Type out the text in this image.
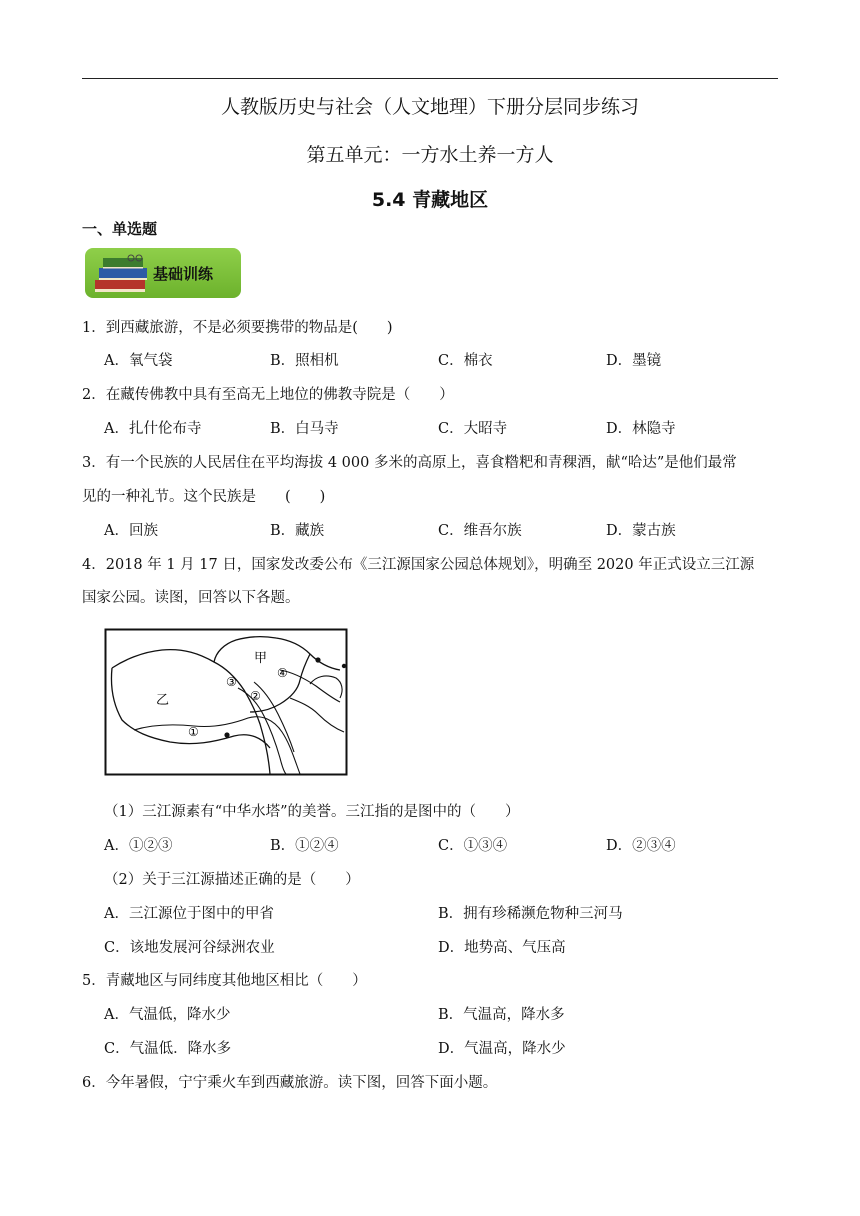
人教版历史与社会（人文地理）下册分层同步练习
第五单元：一方水土养一方人
5.4 青藏地区
一、单选题
基础训练
1．到西藏旅游，不是必须要携带的物品是(　　)
A．氧气袋	B．照相机	C．棉衣	D．墨镜
2．在藏传佛教中具有至高无上地位的佛教寺院是（　　）
A．扎什伦布寺	B．白马寺	C．大昭寺	D．林隐寺
3．有一个民族的人民居住在平均海拔 4 000 多米的高原上，喜食糌粑和青稞酒，献“哈达”是他们最常
见的一种礼节。这个民族是　　(　　)
A．回族	B．藏族	C．维吾尔族	D．蒙古族
4．2018 年 1 月 17 日，国家发改委公布《三江源国家公园总体规划》，明确至 2020 年正式设立三江源
国家公园。读图，回答以下各题。
甲
乙
①
②
③
④
（1）三江源素有“中华水塔”的美誉。三江指的是图中的（　　）
A．①②③	B．①②④	C．①③④	D．②③④
（2）关于三江源描述正确的是（　　）
A．三江源位于图中的甲省	B．拥有珍稀濒危物种三河马
C．该地发展河谷绿洲农业	D．地势高、气压高
5．青藏地区与同纬度其他地区相比（　　）
A．气温低，降水少	B．气温高，降水多
C．气温低．降水多	D．气温高，降水少
6．今年暑假，宁宁乘火车到西藏旅游。读下图，回答下面小题。
